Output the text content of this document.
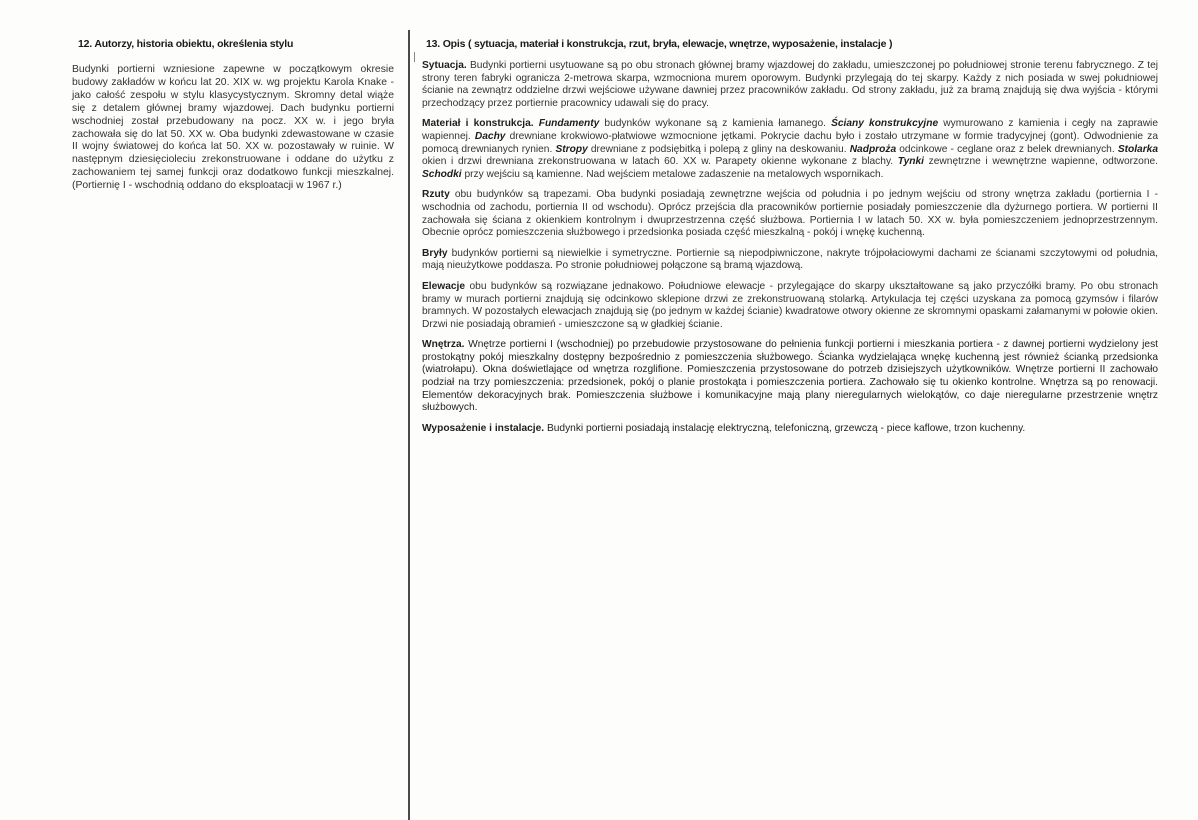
12. Autorzy, historia obiektu, określenia stylu

Budynki portierni wzniesione zapewne w początkowym okresie budowy zakładów w końcu lat 20. XIX w. wg projektu Karola Knake - jako całość zespołu w stylu klasycystycznym. Skromny detal wiąże się z detalem głównej bramy wjazdowej. Dach budynku portierni wschodniej został przebudowany na pocz. XX w. i jego bryła zachowała się do lat 50. XX w. Oba budynki zdewastowane w czasie II wojny światowej do końca lat 50. XX w. pozostawały w ruinie. W następnym dziesięcioleciu zrekonstruowane i oddane do użytku z zachowaniem tej samej funkcji oraz dodatkowo funkcji mieszkalnej. (Portiernię I - wschodnią oddano do eksploatacji w 1967 r.)

13. Opis ( sytuacja, materiał i konstrukcja, rzut, bryła, elewacje, wnętrze, wyposażenie, instalacje )

Sytuacja. Budynki portierni usytuowane są po obu stronach głównej bramy wjazdowej do zakładu, umieszczonej po południowej stronie terenu fabrycznego. Z tej strony teren fabryki ogranicza 2-metrowa skarpa, wzmocniona murem oporowym. Budynki przylegają do tej skarpy. Każdy z nich posiada w swej południowej ścianie na zewnątrz oddzielne drzwi wejściowe używane dawniej przez pracowników zakładu. Od strony zakładu, już za bramą znajdują się dwa wyjścia - którymi przechodzący przez portiernie pracownicy udawali się do pracy.

Materiał i konstrukcja. Fundamenty budynków wykonane są z kamienia łamanego. Ściany konstrukcyjne wymurowano z kamienia i cegły na zaprawie wapiennej. Dachy drewniane krokwiowo-płatwiowe wzmocnione jętkami. Pokrycie dachu było i zostało utrzymane w formie tradycyjnej (gont). Odwodnienie za pomocą drewnianych rynien. Stropy drewniane z podsiębitką i polepą z gliny na deskowaniu. Nadproża odcinkowe - ceglane oraz z belek drewnianych. Stolarka okien i drzwi drewniana zrekonstruowana w latach 60. XX w. Parapety okienne wykonane z blachy. Tynki zewnętrzne i wewnętrzne wapienne, odtworzone. Schodki przy wejściu są kamienne. Nad wejściem metalowe zadaszenie na metalowych wspornikach.

Rzuty obu budynków są trapezami. Oba budynki posiadają zewnętrzne wejścia od południa i po jednym wejściu od strony wnętrza zakładu (portiernia I - wschodnia od zachodu, portiernia II od wschodu). Oprócz przejścia dla pracowników portiernie posiadały pomieszczenie dla dyżurnego portiera. W portierni II zachowała się ściana z okienkiem kontrolnym i dwuprzestrzenna część służbowa. Portiernia I w latach 50. XX w. była pomieszczeniem jednoprzestrzennym. Obecnie oprócz pomieszczenia służbowego i przedsionka posiada część mieszkalną - pokój i wnękę kuchenną.

Bryły budynków portierni są niewielkie i symetryczne. Portiernie są niepodpiwniczone, nakryte trójpołaciowymi dachami ze ścianami szczytowymi od południa, mają nieużytkowe poddasza. Po stronie południowej połączone są bramą wjazdową.

Elewacje obu budynków są rozwiązane jednakowo. Południowe elewacje - przylegające do skarpy ukształtowane są jako przyczółki bramy. Po obu stronach bramy w murach portierni znajdują się odcinkowo sklepione drzwi ze zrekonstruowaną stolarką. Artykulacja tej części uzyskana za pomocą gzymsów i filarów bramnych. W pozostałych elewacjach znajdują się (po jednym w każdej ścianie) kwadratowe otwory okienne ze skromnymi opaskami załamanymi w połowie okien. Drzwi nie posiadają obramień - umieszczone są w gładkiej ścianie.

Wnętrza. Wnętrze portierni I (wschodniej) po przebudowie przystosowane do pełnienia funkcji portierni i mieszkania portiera - z dawnej portierni wydzielony jest prostokątny pokój mieszkalny dostępny bezpośrednio z pomieszczenia służbowego. Ścianka wydzielająca wnękę kuchenną jest również ścianką przedsionka (wiatrołapu). Okna doświetlające od wnętrza rozglifione. Pomieszczenia przystosowane do potrzeb dzisiejszych użytkowników. Wnętrze portierni II zachowało podział na trzy pomieszczenia: przedsionek, pokój o planie prostokąta i pomieszczenia portiera. Zachowało się tu okienko kontrolne. Wnętrza są po renowacji. Elementów dekoracyjnych brak. Pomieszczenia służbowe i komunikacyjne mają plany nieregularnych wielokątów, co daje nieregularne przestrzenie wnętrz służbowych.

Wyposażenie i instalacje. Budynki portierni posiadają instalację elektryczną, telefoniczną, grzewczą - piece kaflowe, trzon kuchenny.
